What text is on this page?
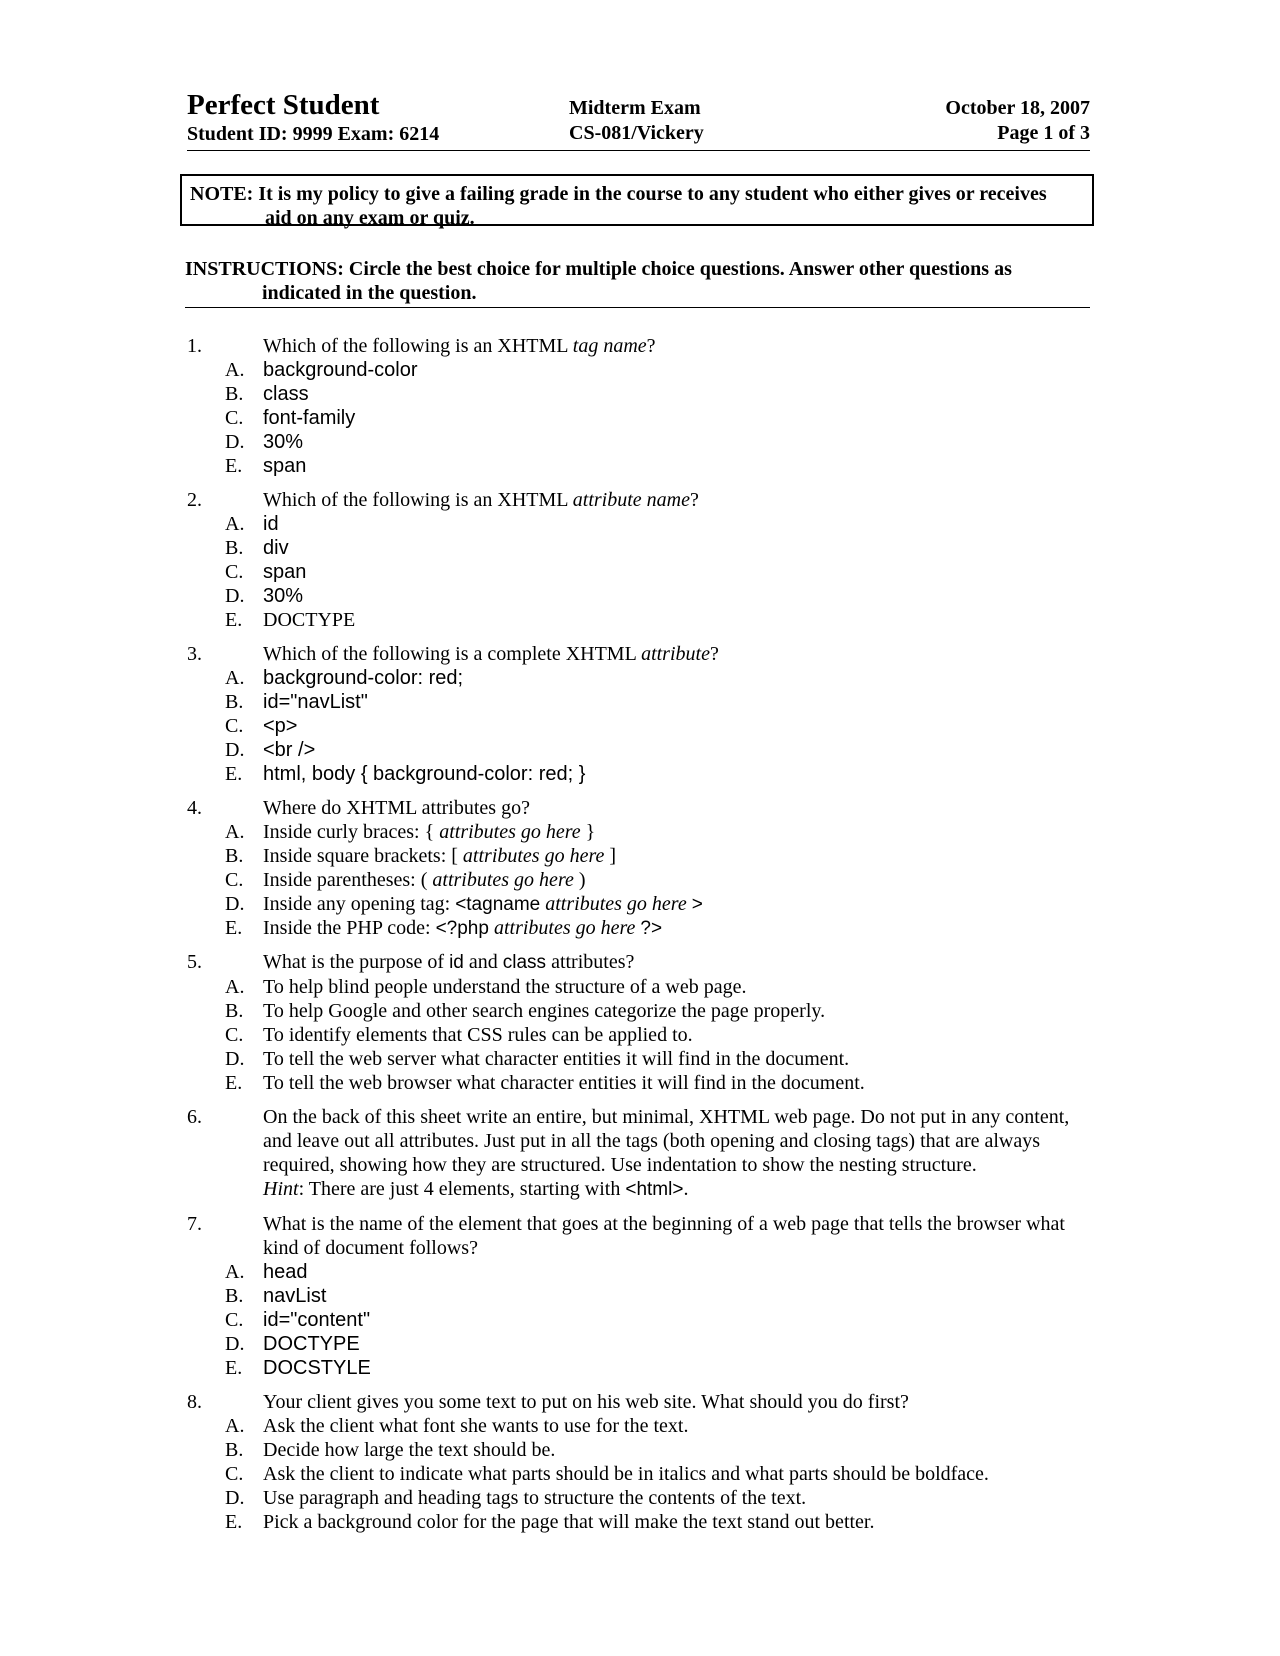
Perfect Student
Student ID: 9999 Exam: 6214
Midterm Exam
CS-081/Vickery
October 18, 2007
Page 1 of 3
NOTE: It is my policy to give a failing grade in the course to any student who either gives or receives
aid on any exam or quiz.
INSTRUCTIONS: Circle the best choice for multiple choice questions. Answer other questions as
indicated in the question.
1.	Which of the following is an XHTML tag name?
A. background-color
B. class
C. font-family
D. 30%
E.	span
2.	Which of the following is an XHTML attribute name?
A. id
B. div
C. span
D. 30%
E.	DOCTYPE
3.	Which of the following is a complete XHTML attribute?
A. background-color: red;
B. id="navList"
C. <p>
D. <br />
E.	html, body { background-color: red; }
4.	Where do XHTML attributes go?
A. Inside curly braces: { attributes go here }
B. Inside square brackets: [ attributes go here ]
C. Inside parentheses: ( attributes go here )
D. Inside any opening tag: <tagname attributes go here >
E.	Inside the PHP code: <?php attributes go here ?>
5.	What is the purpose of id and class attributes?
A. To help blind people understand the structure of a web page.
B. To help Google and other search engines categorize the page properly.
C. To identify elements that CSS rules can be applied to.
D. To tell the web server what character entities it will find in the document.
E.	To tell the web browser what character entities it will find in the document.
6.	On the back of this sheet write an entire, but minimal, XHTML web page. Do not put in any content, and leave out all attributes. Just put in all the tags (both opening and closing tags) that are always required, showing how they are structured. Use indentation to show the nesting structure.
Hint: There are just 4 elements, starting with <html>.
7.	What is the name of the element that goes at the beginning of a web page that tells the browser what kind of document follows?
A. head
B. navList
C. id="content"
D. DOCTYPE
E.	DOCSTYLE
8.	Your client gives you some text to put on his web site. What should you do first?
A. Ask the client what font she wants to use for the text.
B. Decide how large the text should be.
C. Ask the client to indicate what parts should be in italics and what parts should be boldface.
D. Use paragraph and heading tags to structure the contents of the text.
E.	Pick a background color for the page that will make the text stand out better.
